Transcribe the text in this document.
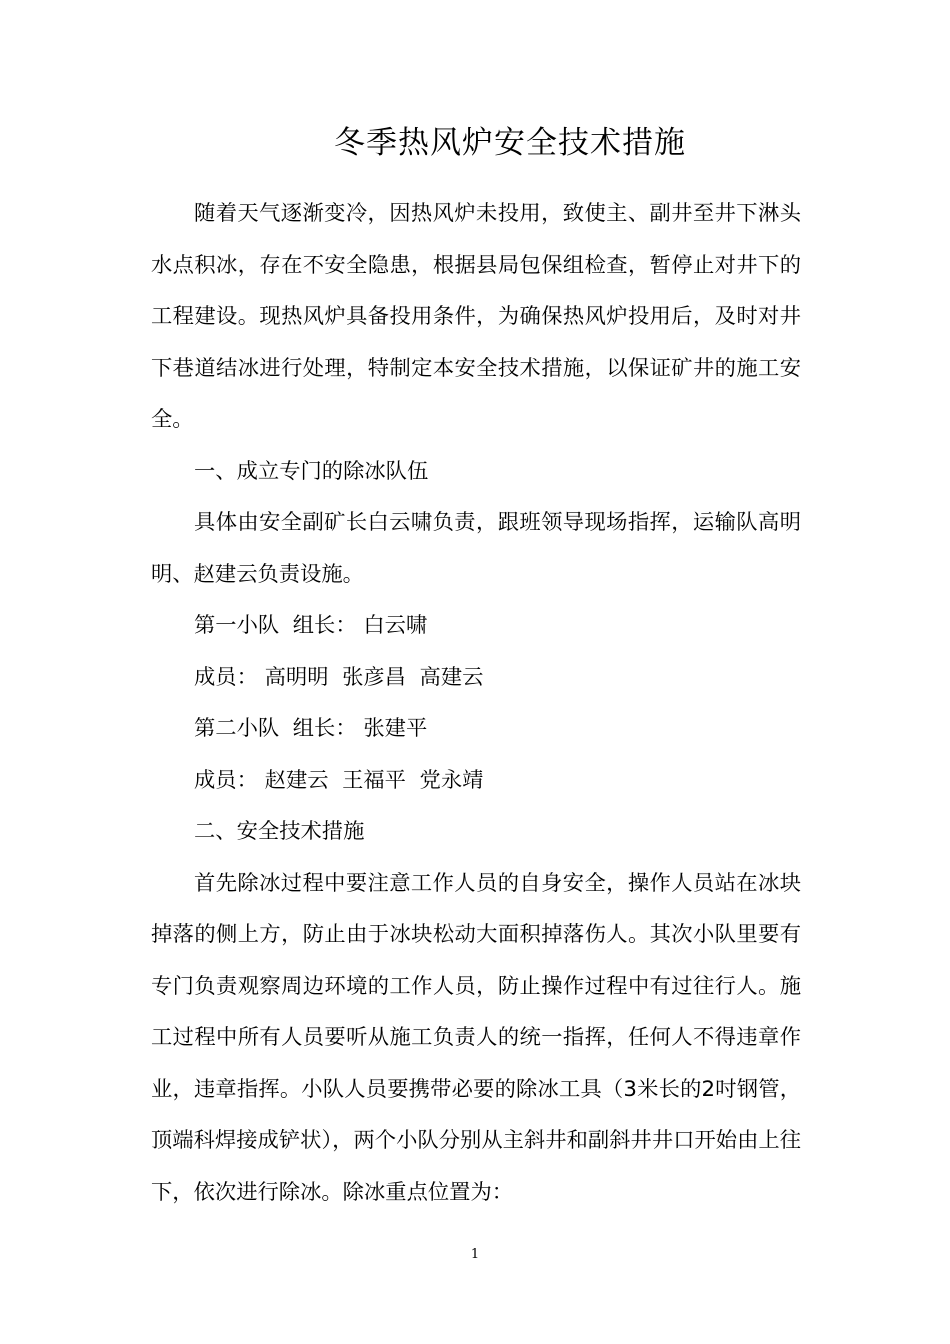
冬季热风炉安全技术措施

随着天气逐渐变冷，因热风炉未投用，致使主、副井至井下淋头水点积冰，存在不安全隐患，根据县局包保组检查，暂停止对井下的工程建设。现热风炉具备投用条件，为确保热风炉投用后，及时对井下巷道结冰进行处理，特制定本安全技术措施，以保证矿井的施工安全。

一、成立专门的除冰队伍

具体由安全副矿长白云啸负责，跟班领导现场指挥，运输队高明明、赵建云负责设施。

第一小队  组长： 白云啸

成员： 高明明  张彦昌  高建云

第二小队  组长： 张建平

成员： 赵建云  王福平  党永靖

二、安全技术措施

首先除冰过程中要注意工作人员的自身安全，操作人员站在冰块掉落的侧上方，防止由于冰块松动大面积掉落伤人。其次小队里要有专门负责观察周边环境的工作人员，防止操作过程中有过往行人。施工过程中所有人员要听从施工负责人的统一指挥，任何人不得违章作业，违章指挥。小队人员要携带必要的除冰工具（3米长的2吋钢管，顶端科焊接成铲状），两个小队分别从主斜井和副斜井井口开始由上往下，依次进行除冰。除冰重点位置为：

1
